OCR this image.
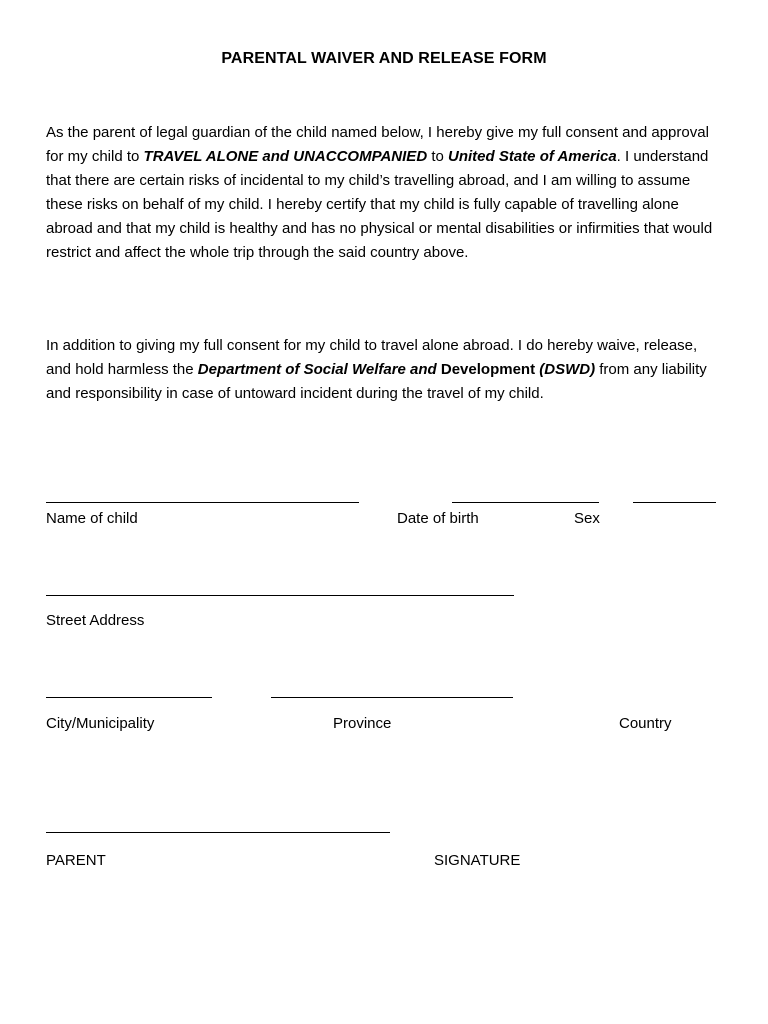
PARENTAL WAIVER AND RELEASE FORM
As the parent of legal guardian of the child named below, I hereby give my full consent and approval for my child to TRAVEL ALONE and UNACCOMPANIED to United State of America. I understand that there are certain risks of incidental to my child’s travelling abroad, and I am willing to assume these risks on behalf of my child. I hereby certify that my child is fully capable of travelling alone abroad and that my child is healthy and has no physical or mental disabilities or infirmities that would restrict and affect the whole trip through the said country above.
In addition to giving my full consent for my child to travel alone abroad. I do hereby waive, release, and hold harmless the Department of Social Welfare and Development (DSWD) from any liability and responsibility in case of untoward incident during the travel of my child.
Name of child	Date of birth	Sex
Street Address
City/Municipality	Province	Country
PARENT	SIGNATURE
